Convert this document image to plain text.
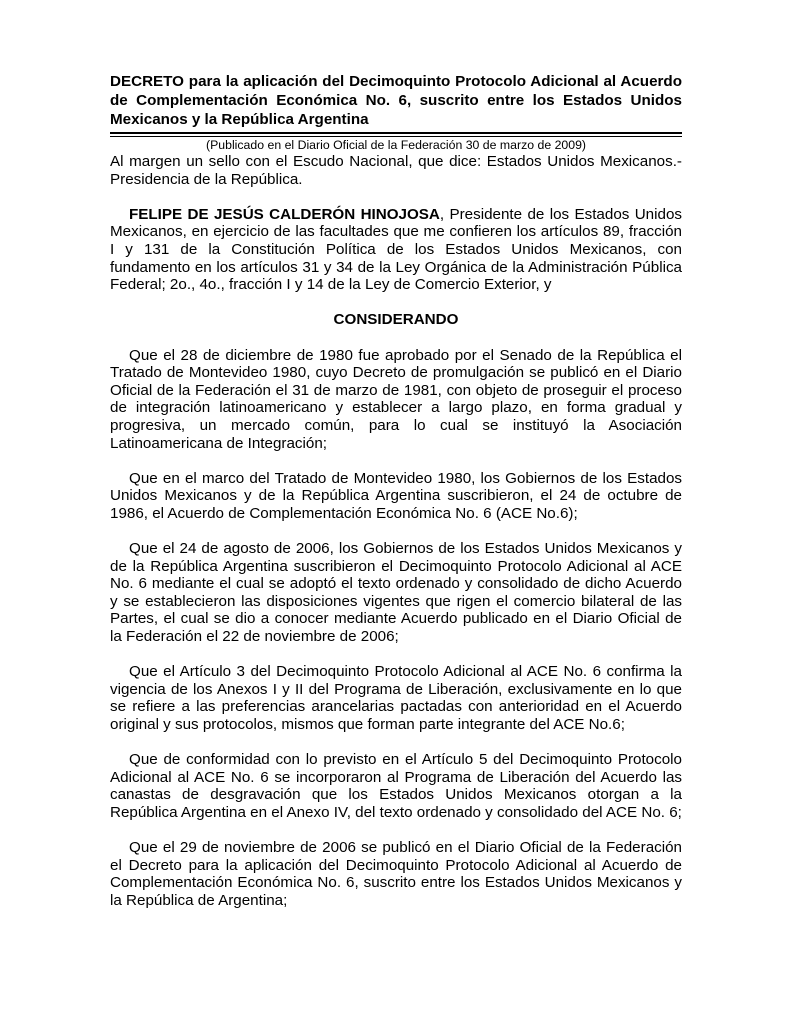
DECRETO para la aplicación del Decimoquinto Protocolo Adicional al Acuerdo de Complementación Económica No. 6, suscrito entre los Estados Unidos Mexicanos y la República Argentina

(Publicado en el Diario Oficial de la Federación 30 de marzo de 2009)

Al margen un sello con el Escudo Nacional, que dice: Estados Unidos Mexicanos.- Presidencia de la República.

FELIPE DE JESÚS CALDERÓN HINOJOSA, Presidente de los Estados Unidos Mexicanos, en ejercicio de las facultades que me confieren los artículos 89, fracción I y 131 de la Constitución Política de los Estados Unidos Mexicanos, con fundamento en los artículos 31 y 34 de la Ley Orgánica de la Administración Pública Federal; 2o., 4o., fracción I y 14 de la Ley de Comercio Exterior, y

CONSIDERANDO

Que el 28 de diciembre de 1980 fue aprobado por el Senado de la República el Tratado de Montevideo 1980, cuyo Decreto de promulgación se publicó en el Diario Oficial de la Federación el 31 de marzo de 1981, con objeto de proseguir el proceso de integración latinoamericano y establecer a largo plazo, en forma gradual y progresiva, un mercado común, para lo cual se instituyó la Asociación Latinoamericana de Integración;

Que en el marco del Tratado de Montevideo 1980, los Gobiernos de los Estados Unidos Mexicanos y de la República Argentina suscribieron, el 24 de octubre de 1986, el Acuerdo de Complementación Económica No. 6 (ACE No.6);

Que el 24 de agosto de 2006, los Gobiernos de los Estados Unidos Mexicanos y de la República Argentina suscribieron el Decimoquinto Protocolo Adicional al ACE No. 6 mediante el cual se adoptó el texto ordenado y consolidado de dicho Acuerdo y se establecieron las disposiciones vigentes que rigen el comercio bilateral de las Partes, el cual se dio a conocer mediante Acuerdo publicado en el Diario Oficial de la Federación el 22 de noviembre de 2006;

Que el Artículo 3 del Decimoquinto Protocolo Adicional al ACE No. 6 confirma la vigencia de los Anexos I y II del Programa de Liberación, exclusivamente en lo que se refiere a las preferencias arancelarias pactadas con anterioridad en el Acuerdo original y sus protocolos, mismos que forman parte integrante del ACE No.6;

Que de conformidad con lo previsto en el Artículo 5 del Decimoquinto Protocolo Adicional al ACE No. 6 se incorporaron al Programa de Liberación del Acuerdo las canastas de desgravación que los Estados Unidos Mexicanos otorgan a la República Argentina en el Anexo IV, del texto ordenado y consolidado del ACE No. 6;

Que el 29 de noviembre de 2006 se publicó en el Diario Oficial de la Federación el Decreto para la aplicación del Decimoquinto Protocolo Adicional al Acuerdo de Complementación Económica No. 6, suscrito entre los Estados Unidos Mexicanos y la República de Argentina;
